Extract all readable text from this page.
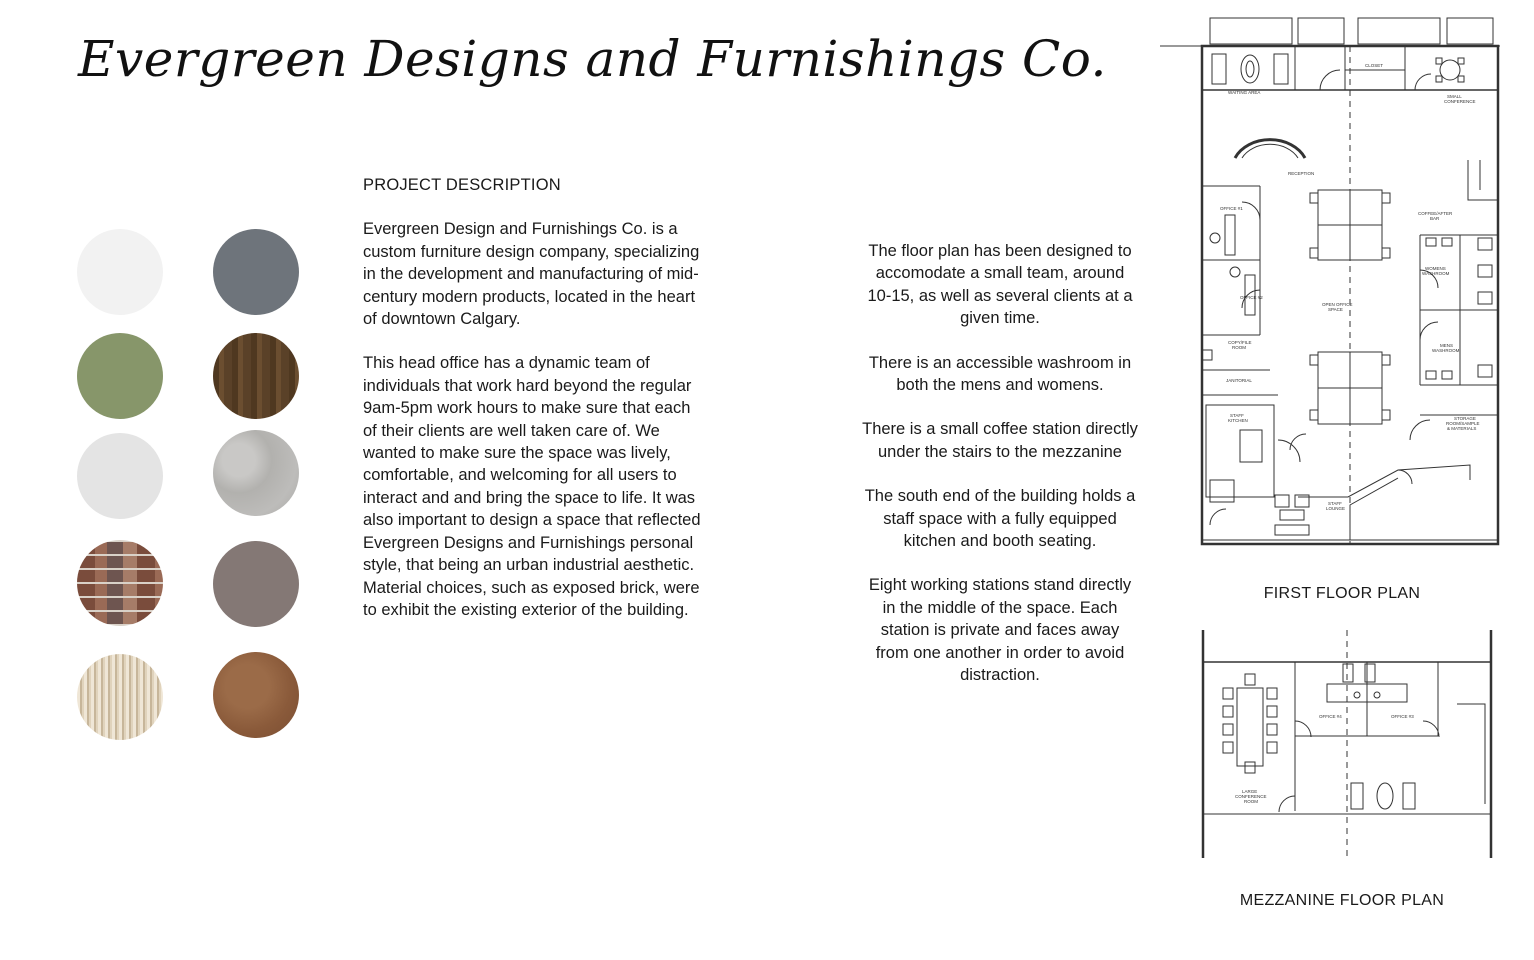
Evergreen Designs and Furnishings Co.

PROJECT DESCRIPTION

Evergreen Design and Furnishings Co. is a custom furniture design company, specializing in the development and manufacturing of mid-century modern products, located in the heart of downtown Calgary.

This head office has a dynamic team of individuals that work hard beyond the regular 9am-5pm work hours to make sure that each of their clients are well taken care of. We wanted to make sure the space was lively, comfortable, and welcoming for all users to interact and and bring the space to life. It was also important to design a space that reflected Evergreen Designs and Furnishings personal style, that being an urban industrial aesthetic. Material choices, such as exposed brick, were to exhibit the existing exterior of the building.

The floor plan has been designed to accomodate a small team, around 10-15, as well as several clients at a given time.

There is an accessible washroom in both the mens and womens.

There is a small coffee station directly under the stairs to the mezzanine

The south end of the building holds a staff space with a fully equipped kitchen and booth seating.

Eight working stations stand directly in the middle of the space. Each station is private and faces away from one another in order to avoid distraction.

WAITING AREA
CLOSET
SMALL
CONFERENCE
RECEPTION
OFFICE #1
OFFICE #2
COFFEE/AFTER
BAR
OPEN OFFICE
SPACE
WOMENS
WASHROOM
COPY/FILE
ROOM	MENS
WASHROOM
JANITORIAL
STORAGE
ROOM/SAMPLE
& MATERIALS
STAFF
KITCHEN
STAFF
LOUNGE
FIRST FLOOR PLAN
OFFICE #4	OFFICE #3
LARGE
CONFERENCE
ROOM
MEZZANINE FLOOR PLAN
